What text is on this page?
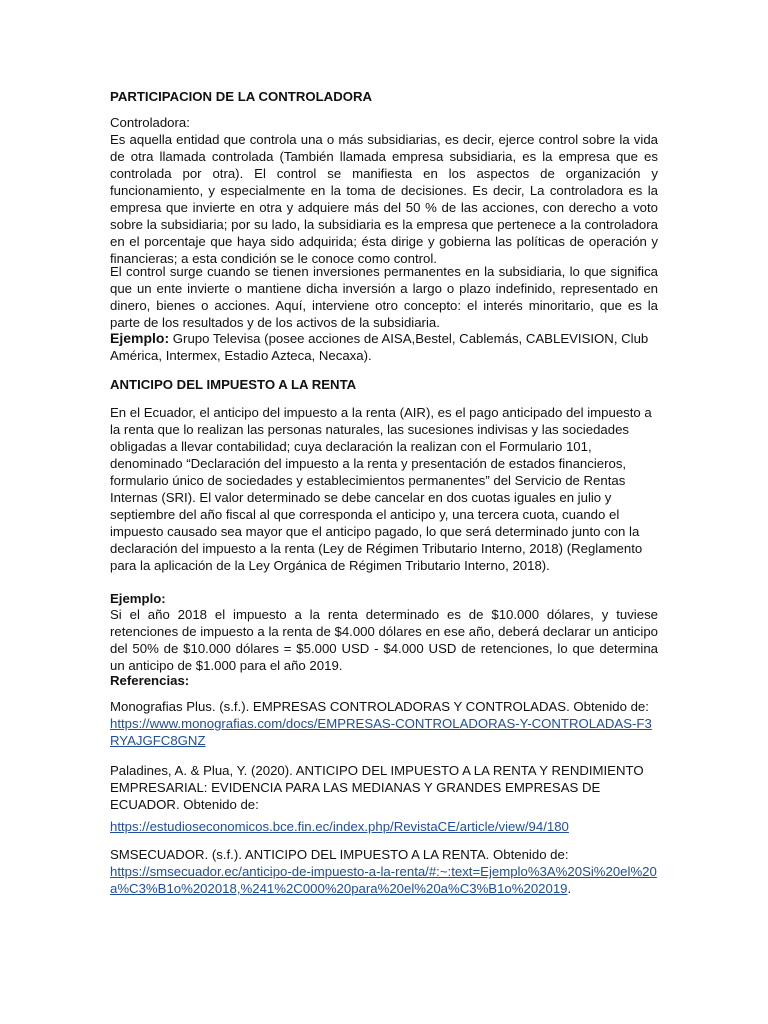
PARTICIPACION DE LA CONTROLADORA
Controladora:

Es aquella entidad que controla una o más subsidiarias, es decir, ejerce control sobre la vida de otra llamada controlada (También llamada empresa subsidiaria, es la empresa que es controlada por otra). El control se manifiesta en los aspectos de organización y funcionamiento, y especialmente en la toma de decisiones. Es decir, La controladora es la empresa que invierte en otra y adquiere más del 50 % de las acciones, con derecho a voto sobre la subsidiaria; por su lado, la subsidiaria es la empresa que pertenece a la controladora en el porcentaje que haya sido adquirida; ésta dirige y gobierna las políticas de operación y financieras; a esta condición se le conoce como control.

El control surge cuando se tienen inversiones permanentes en la subsidiaria, lo que significa que un ente invierte o mantiene dicha inversión a largo o plazo indefinido, representado en dinero, bienes o acciones. Aquí, interviene otro concepto: el interés minoritario, que es la parte de los resultados y de los activos de la subsidiaria.

Ejemplo: Grupo Televisa (posee acciones de AISA,Bestel, Cablemás, CABLEVISION, Club América, Intermex, Estadio Azteca, Necaxa).

ANTICIPO DEL IMPUESTO A LA RENTA

En el Ecuador, el anticipo del impuesto a la renta (AIR), es el pago anticipado del impuesto a la renta que lo realizan las personas naturales, las sucesiones indivisas y las sociedades obligadas a llevar contabilidad; cuya declaración la realizan con el Formulario 101, denominado “Declaración del impuesto a la renta y presentación de estados financieros, formulario único de sociedades y establecimientos permanentes” del Servicio de Rentas Internas (SRI). El valor determinado se debe cancelar en dos cuotas iguales en julio y septiembre del año fiscal al que corresponda el anticipo y, una tercera cuota, cuando el impuesto causado sea mayor que el anticipo pagado, lo que será determinado junto con la declaración del impuesto a la renta (Ley de Régimen Tributario Interno, 2018) (Reglamento para la aplicación de la Ley Orgánica de Régimen Tributario Interno, 2018).

Ejemplo:

Si el año 2018 el impuesto a la renta determinado es de $10.000 dólares, y tuviese retenciones de impuesto a la renta de $4.000 dólares en ese año, deberá declarar un anticipo del 50% de $10.000 dólares = $5.000 USD - $4.000 USD de retenciones, lo que determina un anticipo de $1.000 para el año 2019.

Referencias:
Monografias Plus. (s.f.). EMPRESAS CONTROLADORAS Y CONTROLADAS. Obtenido de:
https://www.monografias.com/docs/EMPRESAS-CONTROLADORAS-Y-CONTROLADAS-F3RYAJGFC8GNZ
Paladines, A. & Plua, Y. (2020). ANTICIPO DEL IMPUESTO A LA RENTA Y RENDIMIENTO EMPRESARIAL: EVIDENCIA PARA LAS MEDIANAS Y GRANDES EMPRESAS DE ECUADOR. Obtenido de:
https://estudioseconomicos.bce.fin.ec/index.php/RevistaCE/article/view/94/180
SMSECUADOR. (s.f.). ANTICIPO DEL IMPUESTO A LA RENTA. Obtenido de:
https://smsecuador.ec/anticipo-de-impuesto-a-la-renta/#:~:text=Ejemplo%3A%20Si%20el%20a%C3%B1o%202018,%241%2C000%20para%20el%20a%C3%B1o%202019.
